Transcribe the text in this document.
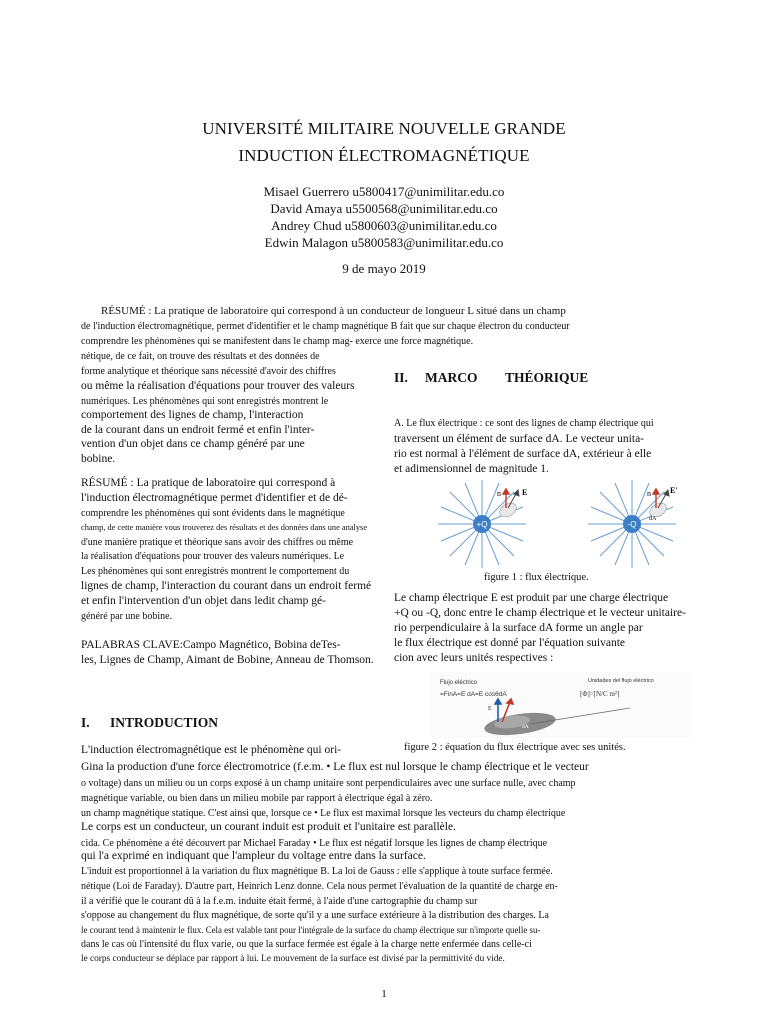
UNIVERSITÉ MILITAIRE NOUVELLE GRANDE
INDUCTION ÉLECTROMAGNÉTIQUE
Misael Guerrero u5800417@unimilitar.edu.co
David Amaya u5500568@unimilitar.edu.co
Andrey Chud u5800603@unimilitar.edu.co
Edwin Malagon u5800583@unimilitar.edu.co
9 de mayo 2019
RÉSUMÉ : La pratique de laboratoire qui correspond à un conducteur de longueur L situé dans un champ
de l'induction électromagnétique, permet d'identifier et le champ magnétique B fait que sur chaque électron du conducteur
comprendre les phénomènes qui se manifestent dans le champ mag- exerce une force magnétique.
nétique, de ce fait, on trouve des résultats et des données de
forme analytique et théorique sans nécessité d'avoir des chiffres
ou même la réalisation d'équations pour trouver des valeurs
numériques. Les phénomènes qui sont enregistrés montrent le
comportement des lignes de champ, l'interaction
de la courant dans un endroit fermé et enfin l'inter-
vention d'un objet dans ce champ généré par une
bobine.
RÉSUMÉ : La pratique de laboratoire qui correspond à
l'induction électromagnétique permet d'identifier et de dé-
comprendre les phénomènes qui sont évidents dans le magnétique
champ, de cette manière vous trouverez des résultats et des données dans une analyse
d'une manière pratique et théorique sans avoir des chiffres ou même
la réalisation d'équations pour trouver des valeurs numériques. Le
Les phénomènes qui sont enregistrés montrent le comportement du
lignes de champ, l'interaction du courant dans un endroit fermé
et enfin l'intervention d'un objet dans ledit champ gé-
généré par une bobine.
PALABRAS CLAVE:Campo Magnético, Bobina deTes-
les, Lignes de Champ, Aimant de Bobine, Anneau de Thomson.
I. INTRODUCTION
L'induction électromagnétique est le phénomène qui ori-
II. MARCO THÉORIQUE
A. Le flux électrique : ce sont des lignes de champ électrique qui
traversent un élément de surface dA. Le vecteur unita-
rio est normal à l'élément de surface dA, extérieur à elle
et adimensionnel de magnitude 1.
+Q	-Q
n	E	n E'
dA
figure 1 : flux électrique.
Le champ électrique E est produit par une charge électrique
+Q ou -Q, donc entre le champ électrique et le vecteur unitaire-
rio perpendiculaire à la surface dA forme un angle par
le flux électrique est donné par l'équation suivante
cion avec leurs unités respectives :
Flujo eléctrico
=FinA=E dA=E cosθdA
Unidades del flujo eléctrico
[Φ]=[N/C m²]
E
dA
figure 2 : équation du flux électrique avec ses unités.
Gina la production d'une force électromotrice (f.e.m. • Le flux est nul lorsque le champ électrique et le vecteur
o voltage) dans un milieu ou un corps exposé à un champ unitaire sont perpendiculaires avec une surface nulle, avec champ
magnétique variable, ou bien dans un milieu mobile par rapport à électrique égal à zéro.
un champ magnétique statique. C'est ainsi que, lorsque ce • Le flux est maximal lorsque les vecteurs du champ électrique
Le corps est un conducteur, un courant induit est produit et l'unitaire est parallèle.
cida. Ce phénomène a été découvert par Michael Faraday • Le flux est négatif lorsque les lignes de champ électrique
qui l'a exprimé en indiquant que l'ampleur du voltage entre dans la surface.
L'induit est proportionnel à la variation du flux magnétique B. La loi de Gauss : elle s'applique à toute surface fermée.
nétique (Loi de Faraday). D'autre part, Heinrich Lenz donne. Cela nous permet l'évaluation de la quantité de charge en-
il a vérifié que le courant dû à la f.e.m. induite était fermé, à l'aide d'une cartographie du champ sur
s'oppose au changement du flux magnétique, de sorte qu'il y a une surface extérieure à la distribution des charges. La
le courant tend à maintenir le flux. Cela est valable tant pour l'intégrale de la surface du champ électrique sur n'importe quelle su-
dans le cas où l'intensité du flux varie, ou que la surface fermée est égale à la charge nette enfermée dans celle-ci
le corps conducteur se déplace par rapport à lui. Le mouvement de la surface est divisé par la permittivité du vide.
1
